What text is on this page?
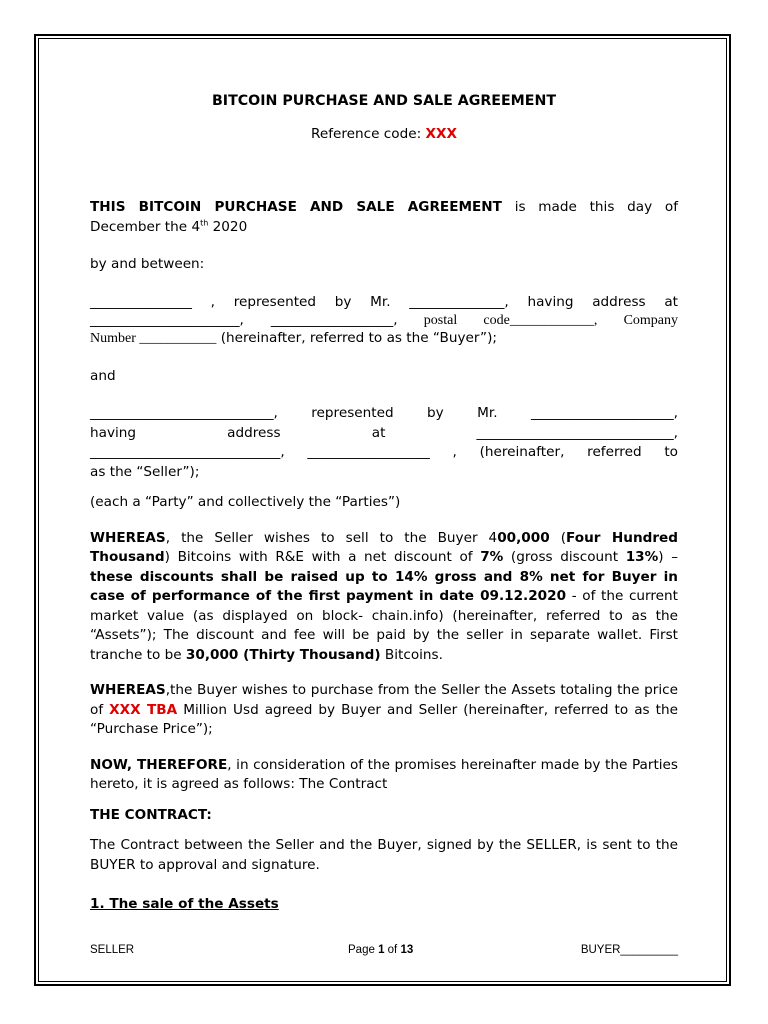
BITCOIN PURCHASE AND SALE AGREEMENT

Reference code: XXX

THIS BITCOIN PURCHASE AND SALE AGREEMENT is made this day of

December the 4th 2020

by and between:

_______________ , represented by Mr. ______________, having address at

______________________, __________________, postal code____________, Company

Number ___________ (hereinafter, referred to as the “Buyer”);

and

___________________________, represented by Mr. _____________________,

having address at _____________________________,

____________________________, __________________ , (hereinafter, referred to

as the “Seller”);

(each a “Party” and collectively the “Parties”)

WHEREAS, the Seller wishes to sell to the Buyer 400,000 (Four Hundred Thousand) Bitcoins with R&E with a net discount of 7% (gross discount 13%) – these discounts shall be raised up to 14% gross and 8% net for Buyer in case of performance of the first payment in date 09.12.2020 - of the current market value (as displayed on block- chain.info) (hereinafter, referred to as the “Assets”); The discount and fee will be paid by the seller in separate wallet. First tranche to be 30,000 (Thirty Thousand) Bitcoins.

WHEREAS,the Buyer wishes to purchase from the Seller the Assets totaling the price of XXX TBA Million Usd agreed by Buyer and Seller (hereinafter, referred to as the “Purchase Price”);

NOW, THEREFORE, in consideration of the promises hereinafter made by the Parties hereto, it is agreed as follows: The Contract

THE CONTRACT:

The Contract between the Seller and the Buyer, signed by the SELLER, is sent to the BUYER to approval and signature.

1. The sale of the Assets

SELLER	Page 1 of 13	BUYER_________
